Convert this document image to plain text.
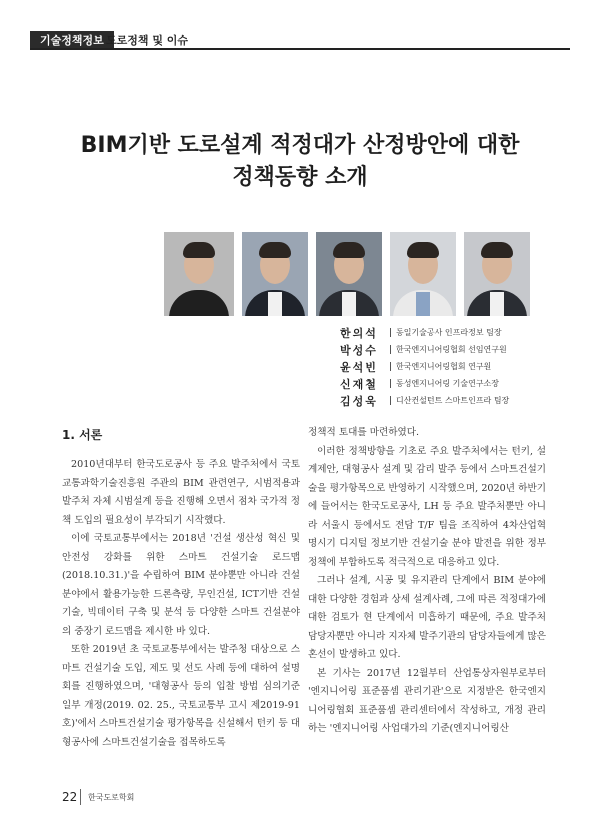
기술정책정보 도로정책 및 이슈
BIM기반 도로설계 적정대가 산정방안에 대한
정책동향 소개
한의석	동일기술공사 인프라정보 팀장
박성수	한국엔지니어링협회 선임연구원
윤석빈	한국엔지니어링협회 연구원
신재철	동성엔지니어링 기술연구소장
김성욱	디산컨설턴트 스마트인프라 팀장
1. 서론

2010년대부터 한국도로공사 등 주요 발주처에서 국토교통과학기술진흥원 주관의 BIM 관련연구, 시범적용과 발주처 자체 시범설계 등을 진행해 오면서 점차 국가적 정책 도입의 필요성이 부각되기 시작했다.

이에 국토교통부에서는 2018년 '건설 생산성 혁신 및 안전성 강화를 위한 스마트 건설기술 로드맵(2018.10.31.)'을 수립하여 BIM 분야뿐만 아니라 건설분야에서 활용가능한 드론측량, 무인건설, ICT기반 건설기술, 빅데이터 구축 및 분석 등 다양한 스마트 건설분야의 중장기 로드맵을 제시한 바 있다.

또한 2019년 초 국토교통부에서는 발주청 대상으로 스마트 건설기술 도입, 제도 및 선도 사례 등에 대하여 설명회를 진행하였으며, '대형공사 등의 입찰 방법 심의기준 일부 개정(2019. 02. 25., 국토교통부 고시 제2019-91호)'에서 스마트건설기술 평가항목을 신설해서 턴키 등 대형공사에 스마트건설기술을 접목하도록

정책적 토대를 마련하였다.

이러한 정책방향을 기초로 주요 발주처에서는 턴키, 설계제안, 대형공사 설계 및 감리 발주 등에서 스마트건설기술을 평가항목으로 반영하기 시작했으며, 2020년 하반기에 들어서는 한국도로공사, LH 등 주요 발주처뿐만 아니라 서울시 등에서도 전담 T/F 팀을 조직하여 4차산업혁명시기 디지털 정보기반 건설기술 분야 발전을 위한 정부정책에 부합하도록 적극적으로 대응하고 있다.

그러나 설계, 시공 및 유지관리 단계에서 BIM 분야에 대한 다양한 경험과 상세 설계사례, 그에 따른 적정대가에 대한 검토가 현 단계에서 미흡하기 때문에, 주요 발주처 담당자뿐만 아니라 지자체 발주기관의 담당자들에게 많은 혼선이 발생하고 있다.

본 기사는 2017년 12월부터 산업통상자원부로부터 '엔지니어링 표준품셈 관리기관'으로 지정받은 한국엔지니어링협회 표준품셈 관리센터에서 작성하고, 개정 관리하는 '엔지니어링 사업대가의 기준(엔지니어링산

22 한국도로학회
